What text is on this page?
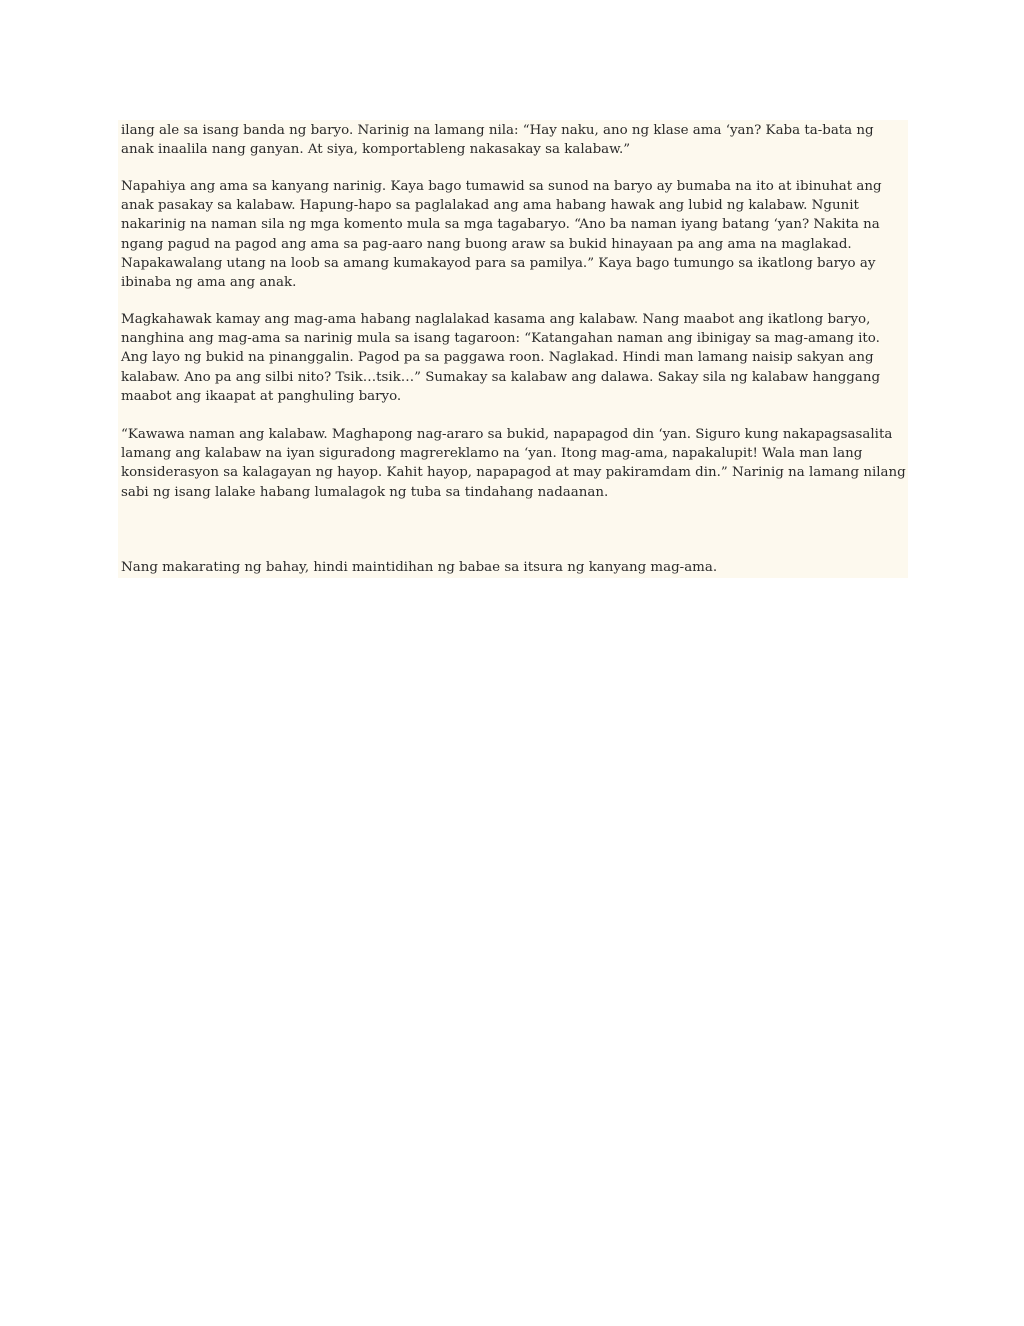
ilang ale sa isang banda ng baryo. Narinig na lamang nila: “Hay naku, ano ng klase ama ‘yan? Kaba ta-bata ng anak inaalila nang ganyan. At siya, komportableng nakasakay sa kalabaw.”

Napahiya ang ama sa kanyang narinig. Kaya bago tumawid sa sunod na baryo ay bumaba na ito at ibinuhat ang anak pasakay sa kalabaw. Hapung-hapo sa paglalakad ang ama habang hawak ang lubid ng kalabaw. Ngunit nakarinig na naman sila ng mga komento mula sa mga tagabaryo. “Ano ba naman iyang batang ‘yan? Nakita na ngang pagud na pagod ang ama sa pag-aaro nang buong araw sa bukid hinayaan pa ang ama na maglakad. Napakawalang utang na loob sa amang kumakayod para sa pamilya.” Kaya bago tumungo sa ikatlong baryo ay ibinaba ng ama ang anak.

Magkahawak kamay ang mag-ama habang naglalakad kasama ang kalabaw. Nang maabot ang ikatlong baryo, nanghina ang mag-ama sa narinig mula sa isang tagaroon: “Katangahan naman ang ibinigay sa mag-amang ito. Ang layo ng bukid na pinanggalin. Pagod pa sa paggawa roon. Naglakad. Hindi man lamang naisip sakyan ang kalabaw. Ano pa ang silbi nito? Tsik…tsik…” Sumakay sa kalabaw ang dalawa. Sakay sila ng kalabaw hanggang maabot ang ikaapat at panghuling baryo.

“Kawawa naman ang kalabaw. Maghapong nag-araro sa bukid, napapagod din ‘yan. Siguro kung nakapagsasalita lamang ang kalabaw na iyan siguradong magrereklamo na ‘yan. Itong mag-ama, napakalupit! Wala man lang konsiderasyon sa kalagayan ng hayop. Kahit hayop, napapagod at may pakiramdam din.” Narinig na lamang nilang sabi ng isang lalake habang lumalagok ng tuba sa tindahang nadaanan.

Nang makarating ng bahay, hindi maintidihan ng babae sa itsura ng kanyang mag-ama.
